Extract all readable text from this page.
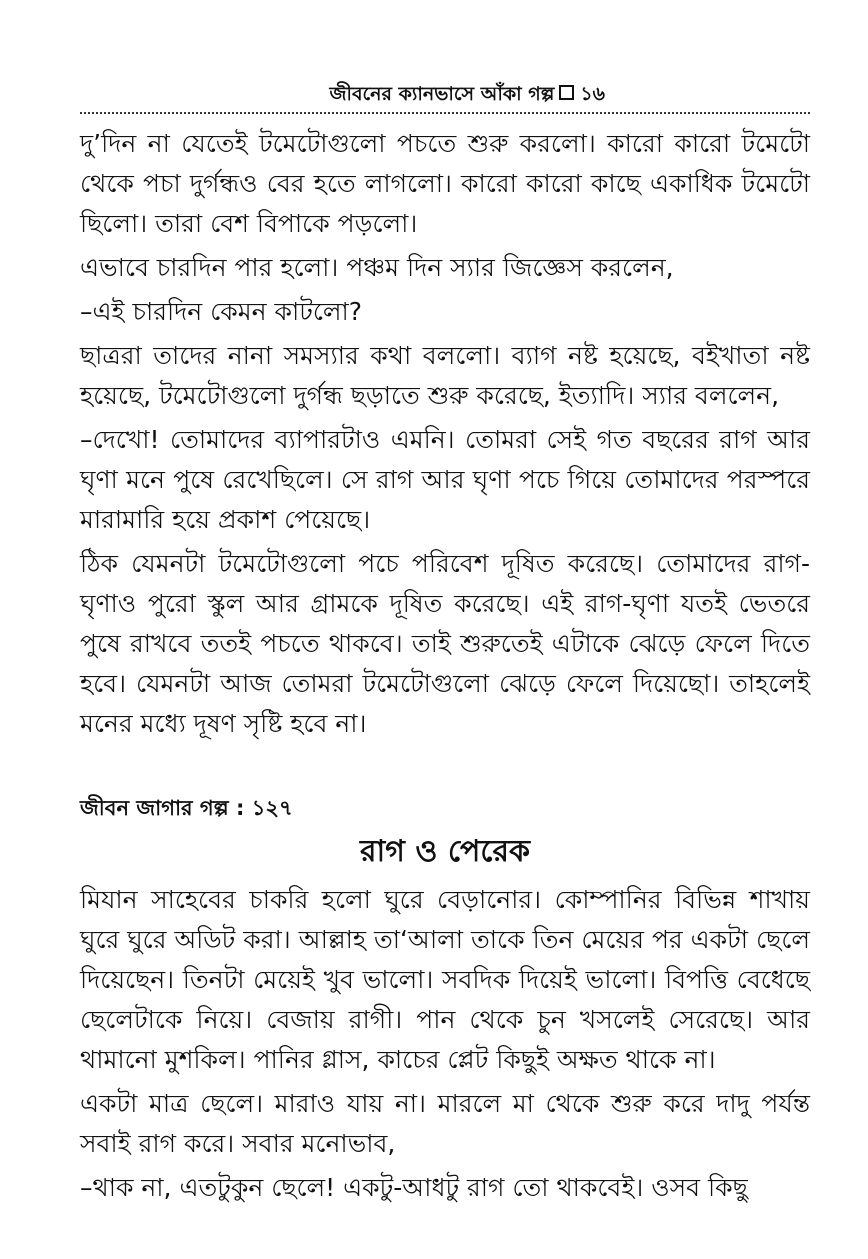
জীবনের ক্যানভাসে আঁকা গল্প ১৬

দু’দিন না যেতেই টমেটোগুলো পচতে শুরু করলো। কারো কারো টমেটো থেকে পচা দুর্গন্ধও বের হতে লাগলো। কারো কারো কাছে একাধিক টমেটো ছিলো। তারা বেশ বিপাকে পড়লো।

এভাবে চারদিন পার হলো। পঞ্চম দিন স্যার জিজ্ঞেস করলেন,

–এই চারদিন কেমন কাটলো?

ছাত্ররা তাদের নানা সমস্যার কথা বললো। ব্যাগ নষ্ট হয়েছে, বইখাতা নষ্ট হয়েছে, টমেটোগুলো দুর্গন্ধ ছড়াতে শুরু করেছে, ইত্যাদি। স্যার বললেন,

–দেখো! তোমাদের ব্যাপারটাও এমনি। তোমরা সেই গত বছরের রাগ আর ঘৃণা মনে পুষে রেখেছিলে। সে রাগ আর ঘৃণা পচে গিয়ে তোমাদের পরস্পরে মারামারি হয়ে প্রকাশ পেয়েছে।

ঠিক যেমনটা টমেটোগুলো পচে পরিবেশ দূষিত করেছে। তোমাদের রাগ-ঘৃণাও পুরো স্কুল আর গ্রামকে দূষিত করেছে। এই রাগ-ঘৃণা যতই ভেতরে পুষে রাখবে ততই পচতে থাকবে। তাই শুরুতেই এটাকে ঝেড়ে ফেলে দিতে হবে। যেমনটা আজ তোমরা টমেটোগুলো ঝেড়ে ফেলে দিয়েছো। তাহলেই মনের মধ্যে দূষণ সৃষ্টি হবে না।

জীবন জাগার গল্প : ১২৭
রাগ ও পেরেক

মিযান সাহেবের চাকরি হলো ঘুরে বেড়ানোর। কোম্পানির বিভিন্ন শাখায় ঘুরে ঘুরে অডিট করা। আল্লাহ তা‘আলা তাকে তিন মেয়ের পর একটা ছেলে দিয়েছেন। তিনটা মেয়েই খুব ভালো। সবদিক দিয়েই ভালো। বিপত্তি বেধেছে ছেলেটাকে নিয়ে। বেজায় রাগী। পান থেকে চুন খসলেই সেরেছে। আর থামানো মুশকিল। পানির গ্লাস, কাচের প্লেট কিছুই অক্ষত থাকে না।

একটা মাত্র ছেলে। মারাও যায় না। মারলে মা থেকে শুরু করে দাদু পর্যন্ত সবাই রাগ করে। সবার মনোভাব,

–থাক না, এতটুকুন ছেলে! একটু-আধটু রাগ তো থাকবেই। ওসব কিছু
